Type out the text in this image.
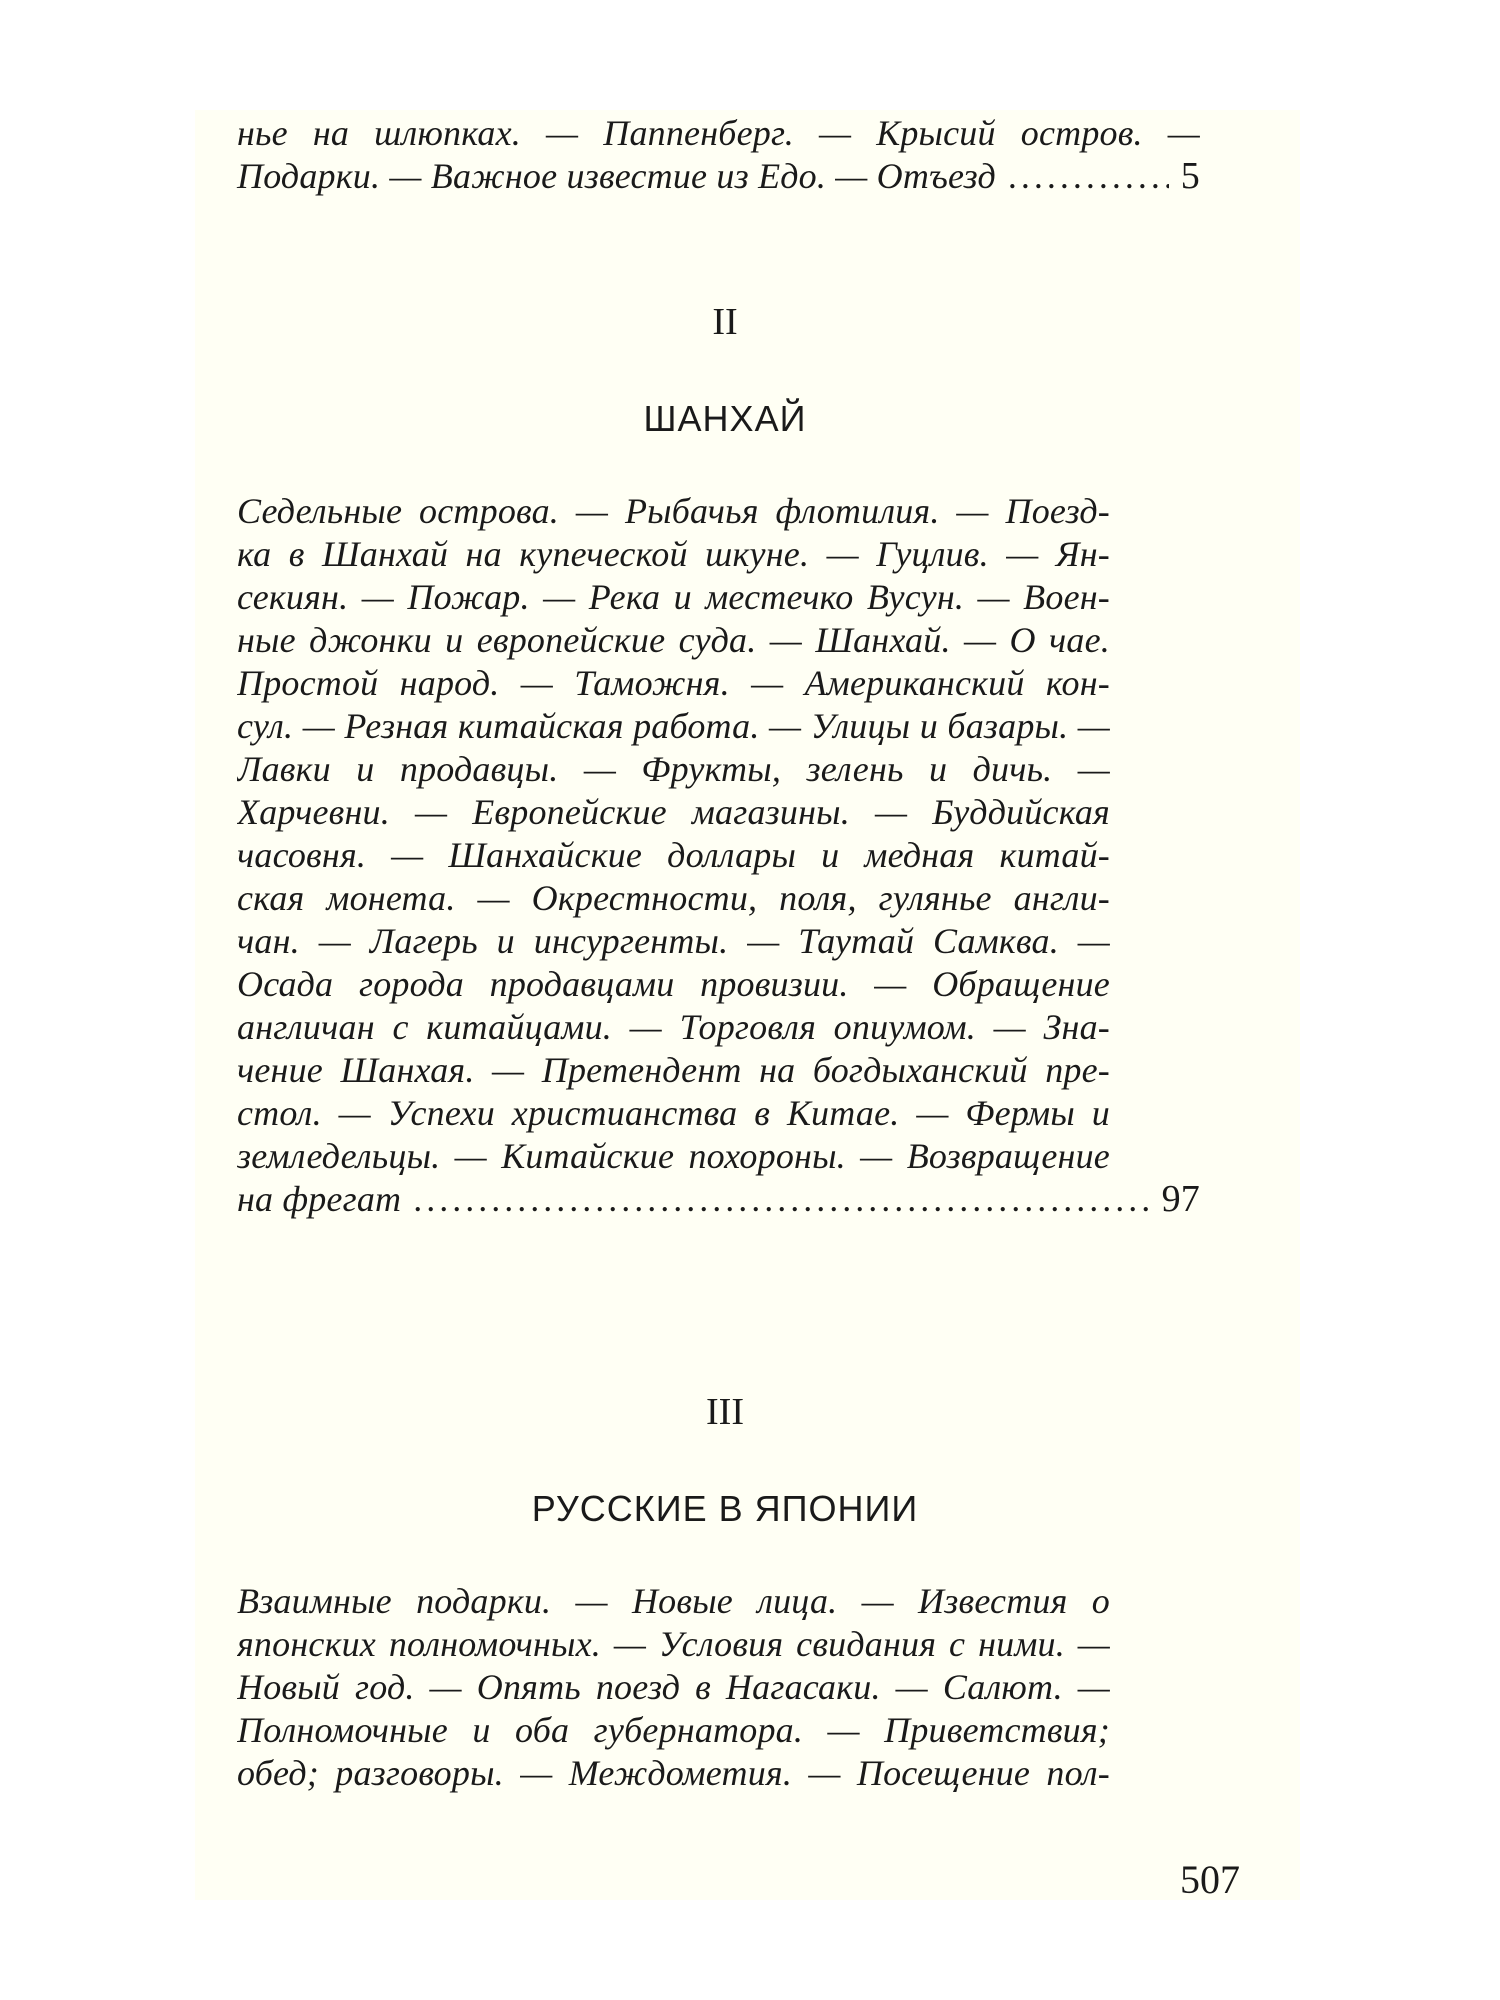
нье на шлюпках. — Паппенберг. — Крысий остров. —
Подарки. — Важное известие из Едо. — Отъезд .....	5
II
ШАНХАЙ
Седельные острова. — Рыбачья флотилия. — Поезд-
ка в Шанхай на купеческой шкуне. — Гуцлив. — Ян-
секиян. — Пожар. — Река и местечко Вусун. — Воен-
ные джонки и европейские суда. — Шанхай. — О чае.
Простой народ. — Таможня. — Американский кон-
сул. — Резная китайская работа. — Улицы и базары. —
Лавки и продавцы. — Фрукты, зелень и дичь. —
Харчевни. — Европейские магазины. — Буддийская
часовня. — Шанхайские доллары и медная китай-
ская монета. — Окрестности, поля, гулянье англи-
чан. — Лагерь и инсургенты. — Таутай Самква. —
Осада города продавцами провизии. — Обращение
англичан с китайцами. — Торговля опиумом. — Зна-
чение Шанхая. — Претендент на богдыханский пре-
стол. — Успехи христианства в Китае. — Фермы и
земледельцы. — Китайские похороны. — Возвращение
на фрегат .....	97
III
РУССКИЕ В ЯПОНИИ
Взаимные подарки. — Новые лица. — Известия о
японских полномочных. — Условия свидания с ними. —
Новый год. — Опять поезд в Нагасаки. — Салют. —
Полномочные и оба губернатора. — Приветствия;
обед; разговоры. — Междометия. — Посещение пол-
507
